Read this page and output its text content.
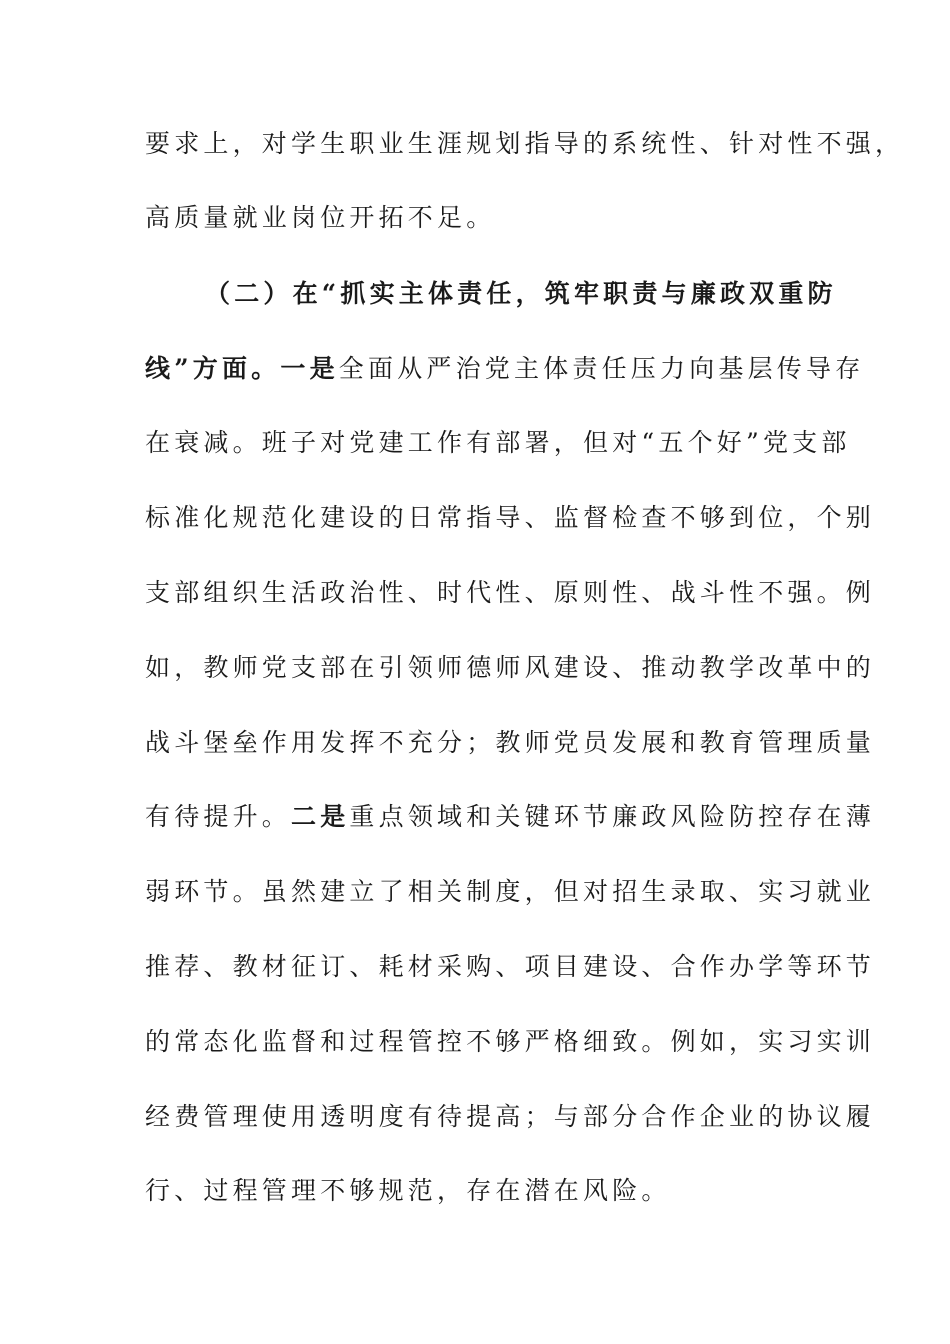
要求上，对学生职业生涯规划指导的系统性、针对性不强，
高质量就业岗位开拓不足。
（二）在“抓实主体责任，筑牢职责与廉政双重防
线”方面。一是全面从严治党主体责任压力向基层传导存
在衰减。班子对党建工作有部署，但对“五个好”党支部
标准化规范化建设的日常指导、监督检查不够到位，个别
支部组织生活政治性、时代性、原则性、战斗性不强。例
如，教师党支部在引领师德师风建设、推动教学改革中的
战斗堡垒作用发挥不充分；教师党员发展和教育管理质量
有待提升。二是重点领域和关键环节廉政风险防控存在薄
弱环节。虽然建立了相关制度，但对招生录取、实习就业
推荐、教材征订、耗材采购、项目建设、合作办学等环节
的常态化监督和过程管控不够严格细致。例如，实习实训
经费管理使用透明度有待提高；与部分合作企业的协议履
行、过程管理不够规范，存在潜在风险。
